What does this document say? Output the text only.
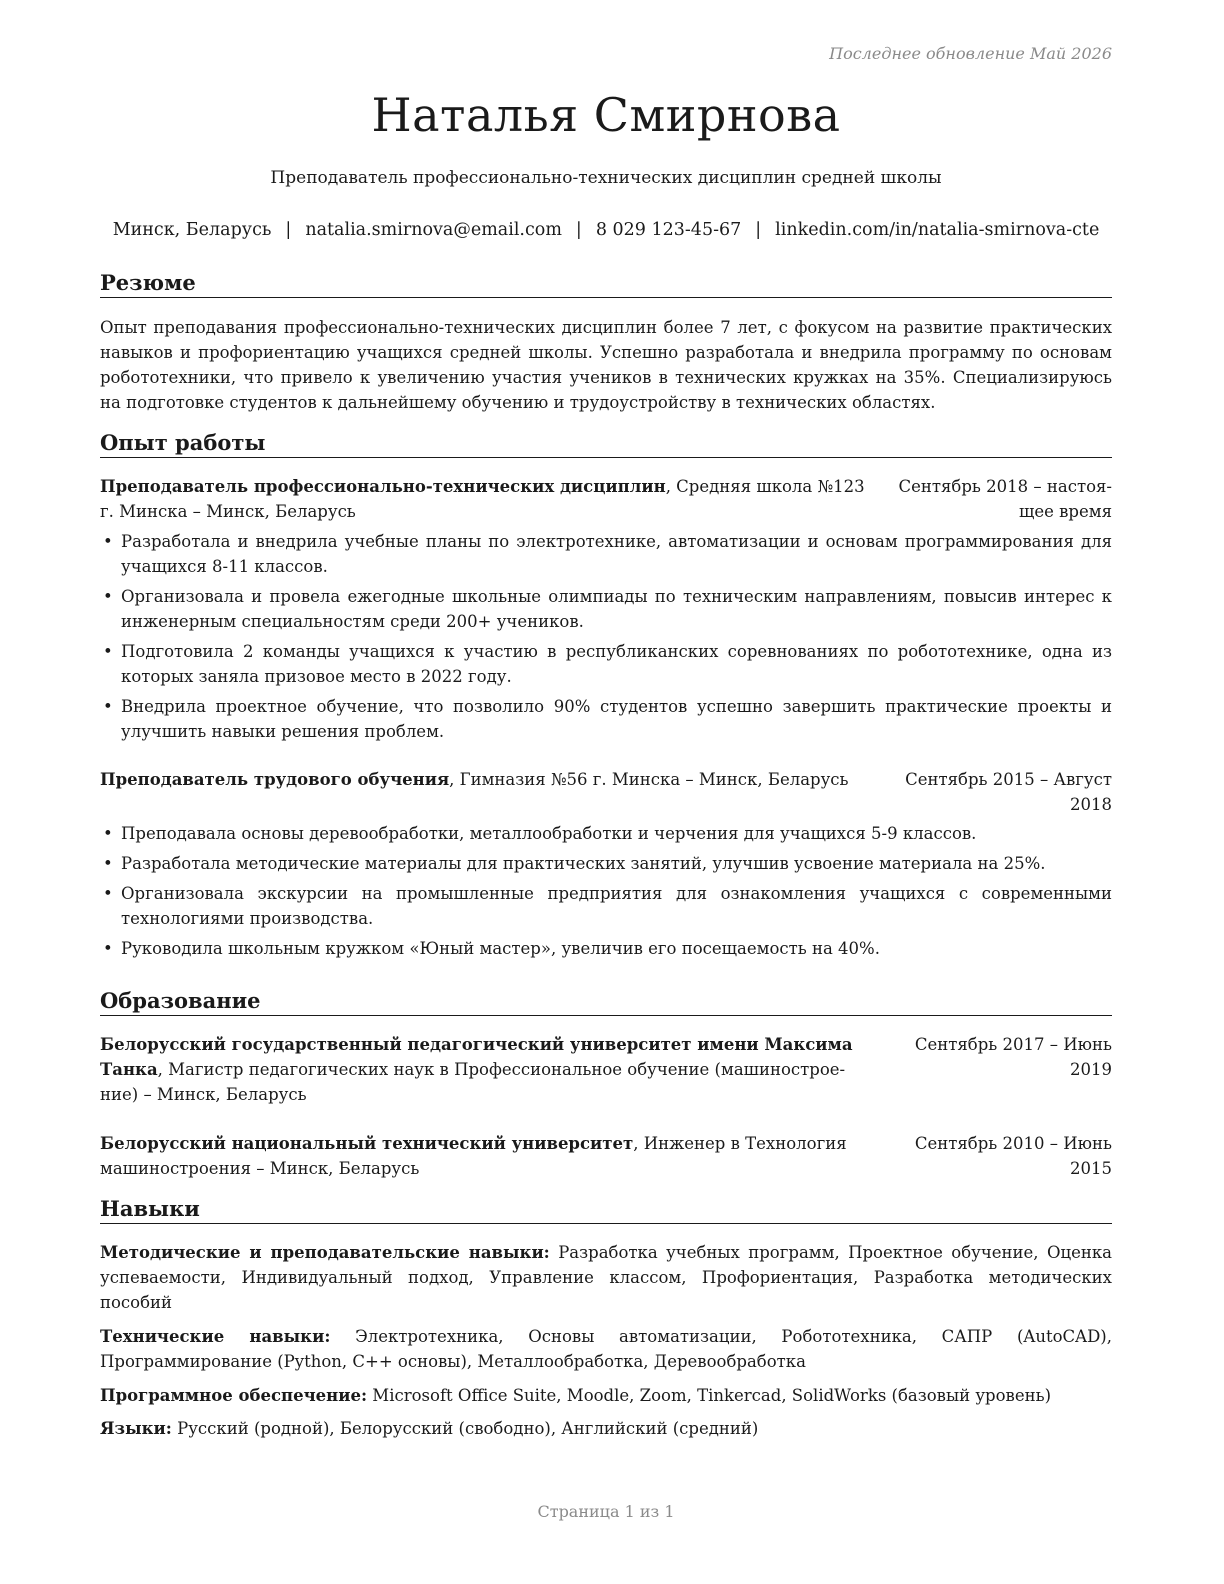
Последнее обновление Май 2026
Наталья Смирнова
Преподаватель профессионально-технических дисциплин средней школы
Минск, Беларусь | natalia.smirnova@email.com | 8 029 123-45-67 | linkedin.com/in/natalia-smirnova-cte
Резюме
Опыт преподавания профессионально-технических дисциплин более 7 лет, с фокусом на развитие практических навыков и профориентацию учащихся средней школы. Успешно разработала и внедрила программу по основам робототехники, что привело к увеличению участия учеников в технических кружках на 35%. Специализируюсь на подготовке студентов к дальнейшему обучению и трудоустройству в технических областях.
Опыт работы
Преподаватель профессионально-технических дисциплин, Средняя школа №123
г. Минска – Минск, Беларусь
Сентябрь 2018 – настоя-
щее время
• Разработала и внедрила учебные планы по электротехнике, автоматизации и основам программирования для учащихся 8-11 классов.
• Организовала и провела ежегодные школьные олимпиады по техническим направлениям, повысив интерес к инженерным специальностям среди 200+ учеников.
• Подготовила 2 команды учащихся к участию в республиканских соревнованиях по робототехнике, одна из которых заняла призовое место в 2022 году.
• Внедрила проектное обучение, что позволило 90% студентов успешно завершить практические проекты и улучшить навыки решения проблем.
Преподаватель трудового обучения, Гимназия №56 г. Минска – Минск, Беларусь	Сентябрь 2015 – Август
2018
• Преподавала основы деревообработки, металлообработки и черчения для учащихся 5-9 классов.
• Разработала методические материалы для практических занятий, улучшив усвоение материала на 25%.
• Организовала экскурсии на промышленные предприятия для ознакомления учащихся с современными технологиями производства.
• Руководила школьным кружком «Юный мастер», увеличив его посещаемость на 40%.
Образование
Белорусский государственный педагогический университет имени Максима
Танка, Магистр педагогических наук в Профессиональное обучение (машинострое-
ние) – Минск, Беларусь
Сентябрь 2017 – Июнь
2019
Белорусский национальный технический университет, Инженер в Технология
машиностроения – Минск, Беларусь
Сентябрь 2010 – Июнь
2015
Навыки
Методические и преподавательские навыки: Разработка учебных программ, Проектное обучение, Оценка успеваемости, Индивидуальный подход, Управление классом, Профориентация, Разработка методических пособий
Технические навыки: Электротехника, Основы автоматизации, Робототехника, САПР (AutoCAD), Программирование (Python, C++ основы), Металлообработка, Деревообработка
Программное обеспечение: Microsoft Office Suite, Moodle, Zoom, Tinkercad, SolidWorks (базовый уровень)
Языки: Русский (родной), Белорусский (свободно), Английский (средний)
Страница 1 из 1
